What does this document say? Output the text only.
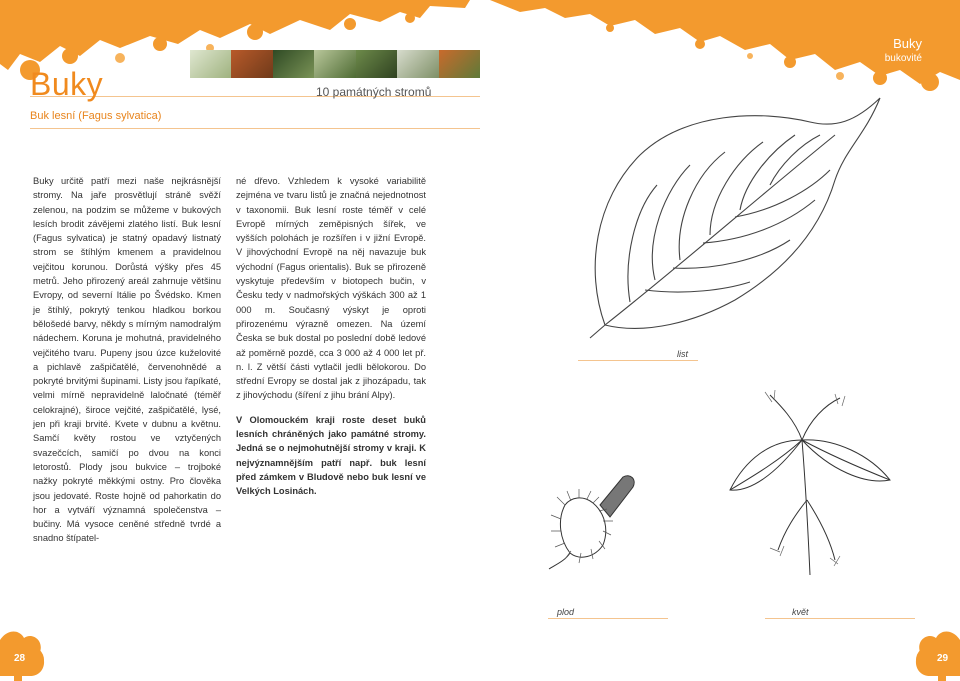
Buky
Buk lesní (Fagus sylvatica)
10 památných stromů
Buky
bukovité
Buky určitě patří mezi naše nejkrásnější stromy. Na jaře prosvětlují stráně svěží zelenou, na podzim se můžeme v bukových lesích brodit závějemi zlatého listí. Buk lesní (Fagus sylvatica) je statný opadavý listnatý strom se štíhlým kmenem a pravidelnou vejčitou korunou. Dorůstá výšky přes 45 metrů. Jeho přirozený areál zahrnuje většinu Evropy, od severní Itálie po Švédsko. Kmen je štíhlý, pokrytý tenkou hladkou borkou bělošedé barvy, někdy s mírným namodralým nádechem. Koruna je mohutná, pravidelného vejčitého tvaru. Pupeny jsou úzce kuželovité a pichlavě zašpičatělé, červenohnědé a pokryté brvitými šupinami. Listy jsou řapíkaté, velmi mírně nepravidelně laločnaté (téměř celokrajné), široce vejčité, zašpičatělé, lysé, jen při kraji brvité. Kvete v dubnu a květnu. Samčí květy rostou ve vztyčených svazečcích, samičí po dvou na konci letorostů. Plody jsou bukvice – trojboké nažky pokryté měkkými ostny. Pro člověka jsou jedovaté. Roste hojně od pahorkatin do hor a vytváří významná společenstva – bučiny. Má vysoce ceněné středně tvrdé a snadno štípatel-

né dřevo. Vzhledem k vysoké variabilitě zejména ve tvaru listů je značná nejednotnost v taxonomii. Buk lesní roste téměř v celé Evropě mírných zeměpisných šířek, ve vyšších polohách je rozšířen i v jižní Evropě. V jihovýchodní Evropě na něj navazuje buk východní (Fagus orientalis). Buk se přirozeně vyskytuje především v biotopech bučin, v Česku tedy v nadmořských výškách 300 až 1 000 m. Současný výskyt je oproti přirozenému výrazně omezen. Na území Česka se buk dostal po poslední době ledové až poměrně pozdě, cca 3 000 až 4 000 let př. n. l. Z větší části vytlačil jedli bělokorou. Do střední Evropy se dostal jak z jihozápadu, tak z jihovýchodu (šíření z jihu brání Alpy).

V Olomouckém kraji roste deset buků lesních chráněných jako památné stromy. Jedná se o nejmohutnější stromy v kraji. K nejvýznamnějším patří např. buk lesní před zámkem v Bludově nebo buk lesní ve Velkých Losinách.

list
plod	květ
28	29
